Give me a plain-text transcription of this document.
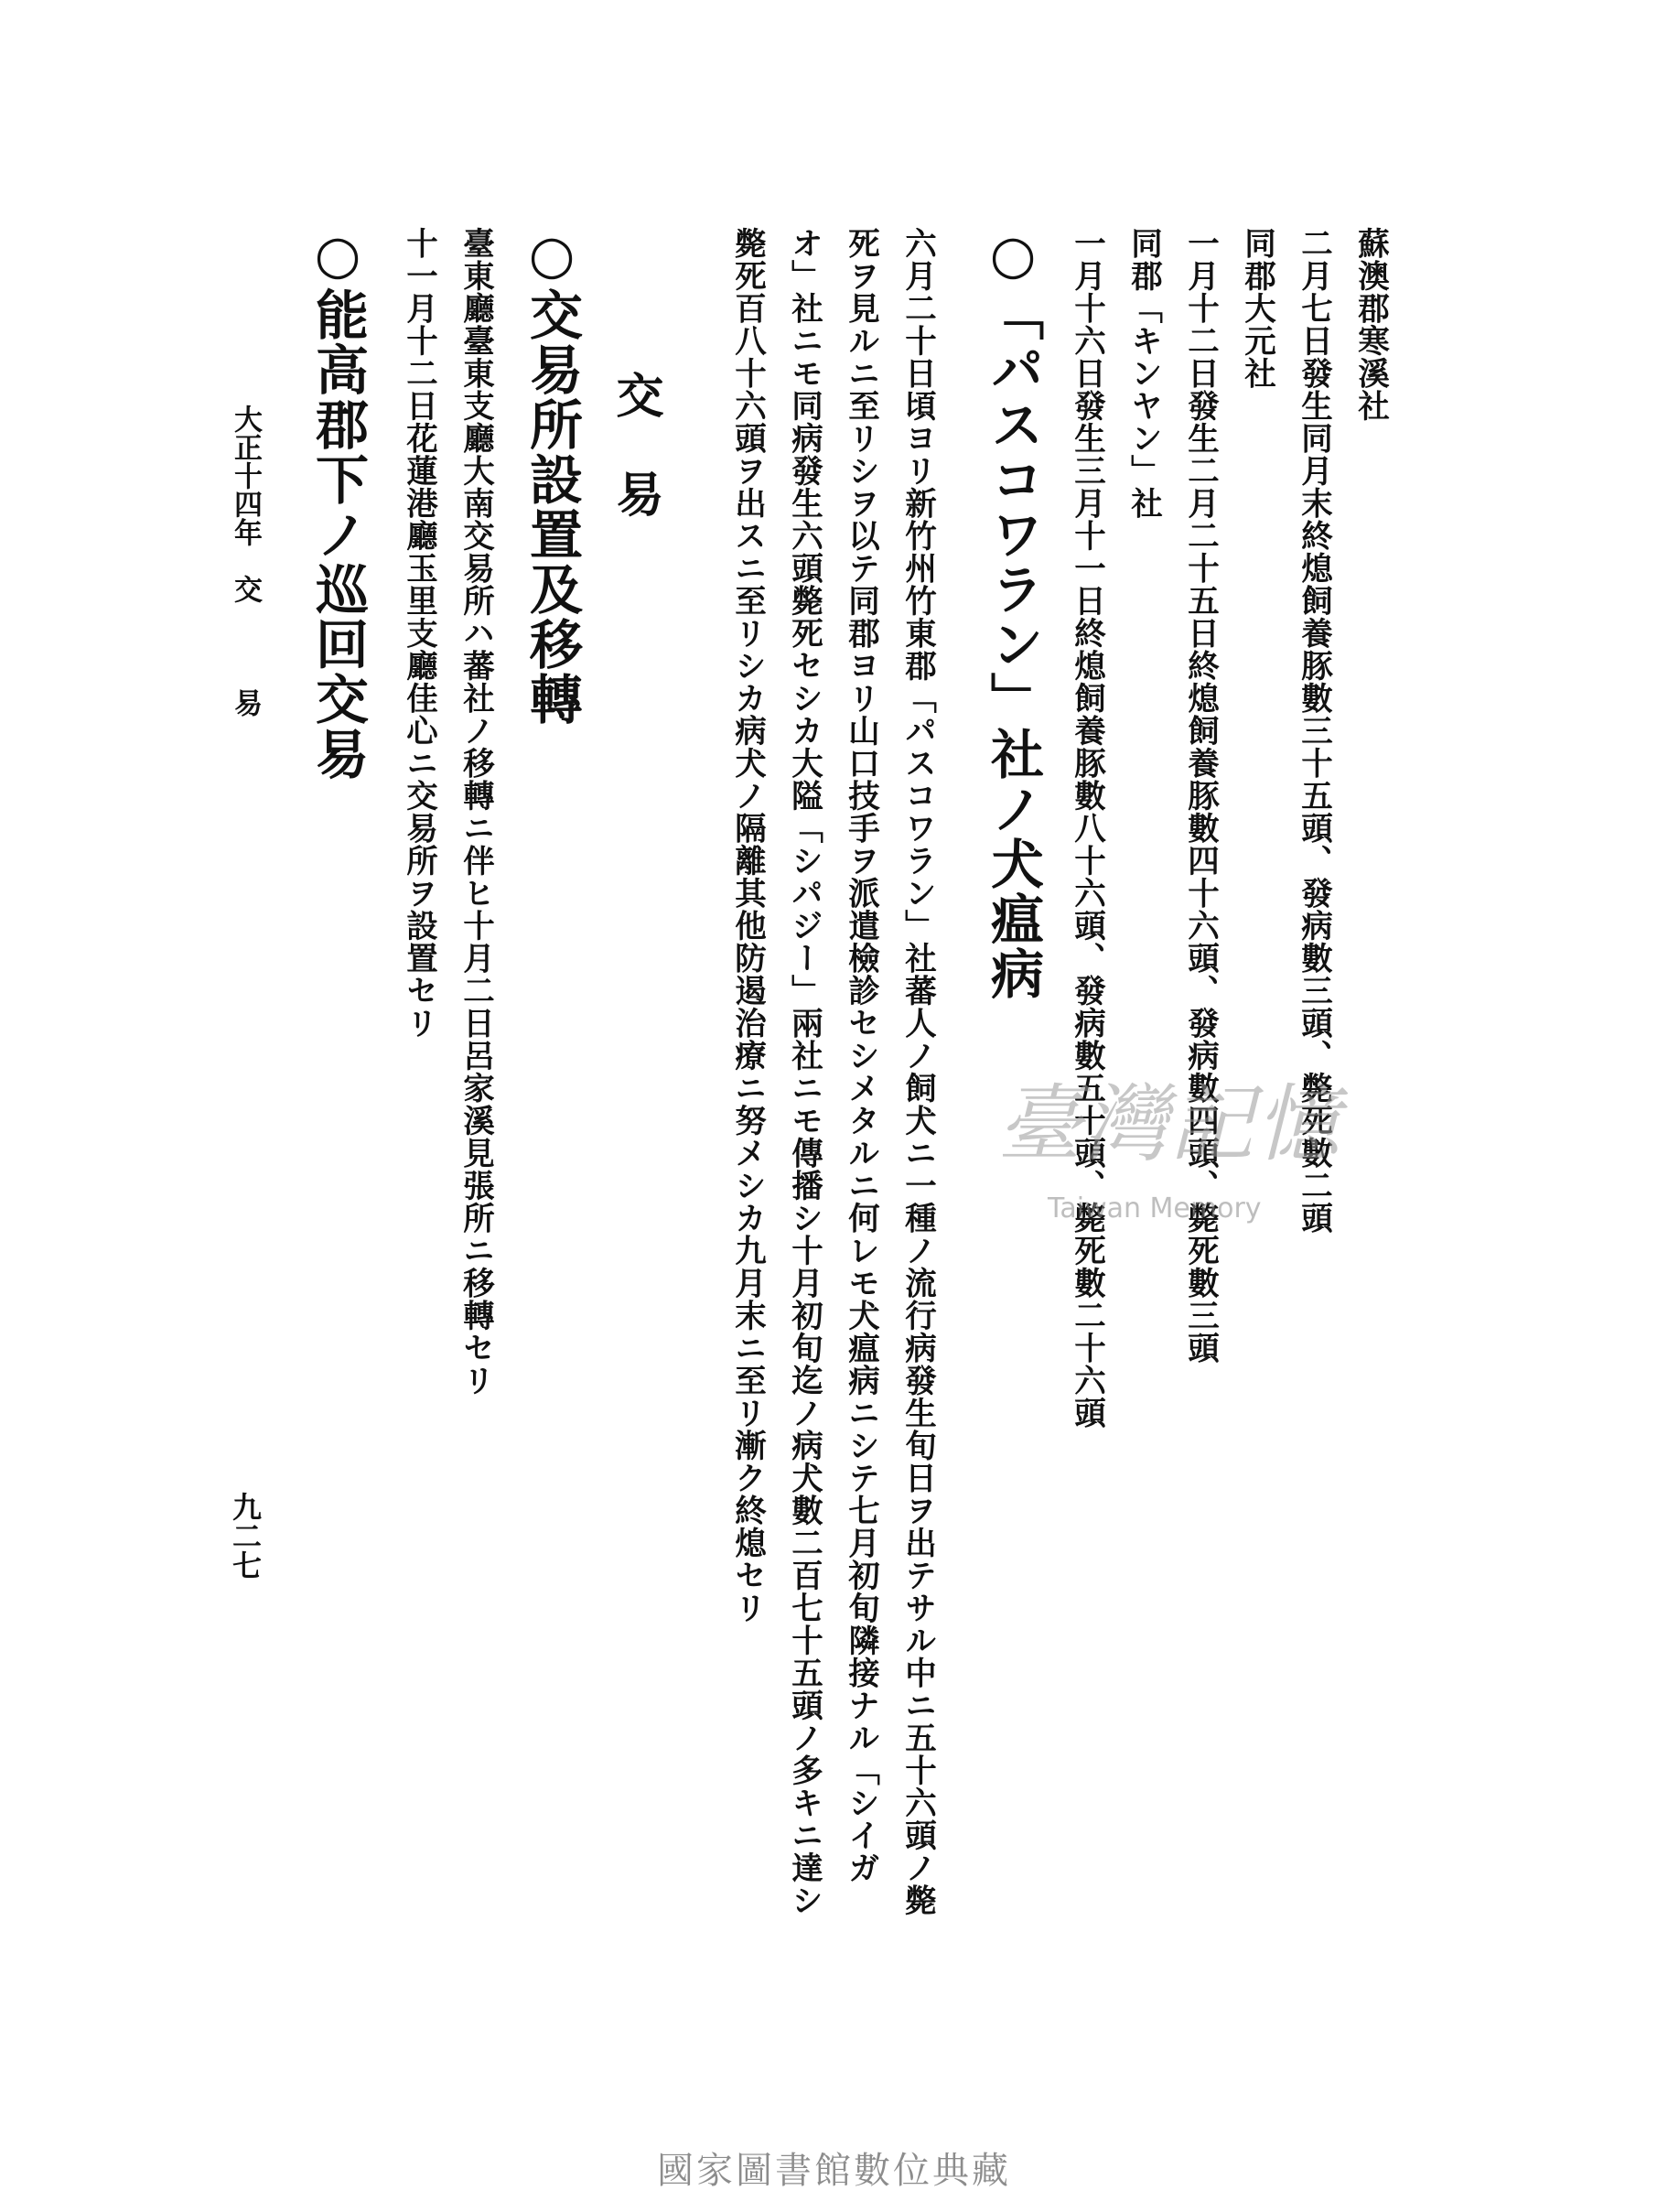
蘇澳郡寒溪社
二月七日發生同月末終熄飼養豚數三十五頭、發病數三頭、斃死數二頭
同郡大元社
一月十二日發生二月二十五日終熄飼養豚數四十六頭、發病數四頭、斃死數三頭
同郡「キンヤン」社
一月十六日發生三月十一日終熄飼養豚數八十六頭、發病數五十頭、斃死數二十六頭
○「パスコワラン」社ノ犬瘟病
六月二十日頃ヨリ新竹州竹東郡「パスコワラン」社蕃人ノ飼犬ニ一種ノ流行病發生旬日ヲ出テサル中ニ五十六頭ノ斃
死ヲ見ルニ至リシヲ以テ同郡ヨリ山口技手ヲ派遣檢診セシメタルニ何レモ犬瘟病ニシテ七月初旬隣接ナル「シイガ
オ」社ニモ同病發生六頭斃死セシカ大隘「シパジー」兩社ニモ傳播シ十月初旬迄ノ病犬數二百七十五頭ノ多キニ達シ
斃死百八十六頭ヲ出スニ至リシカ病犬ノ隔離其他防遏治療ニ努メシカ九月末ニ至リ漸ク終熄セリ
交　易
○交易所設置及移轉
臺東廳臺東支廳大南交易所ハ蕃社ノ移轉ニ伴ヒ十月二日呂家溪見張所ニ移轉セリ
十一月十二日花蓮港廳玉里支廳佳心ニ交易所ヲ設置セリ
○能高郡下ノ巡回交易
大正十四年　交　　　易
九二七
臺灣記憶
Taiwan Memory
國家圖書館數位典藏
